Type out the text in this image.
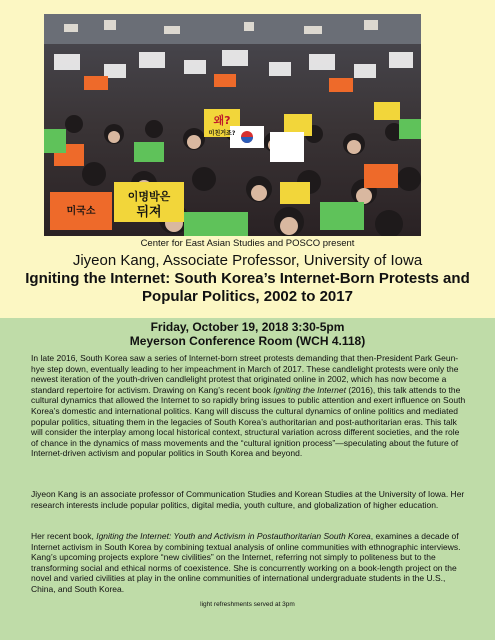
왜?
미친거죠?
이명박은
뒤져
미국소
Center for East Asian Studies and POSCO present
Jiyeon Kang, Associate Professor, University of Iowa
Igniting the Internet: South Korea’s Internet-Born Protests and Popular Politics, 2002 to 2017
Friday, October 19, 2018 3:30-5pm
Meyerson Conference Room (WCH 4.118)
In late 2016, South Korea saw a series of Internet-born street protests demanding that then-President Park Geun-hye step down, eventually leading to her impeachment in March of 2017. These candlelight protests were only the newest iteration of the youth-driven candlelight protest that originated online in 2002, which has now become a standard repertoire for activism. Drawing on Kang’s recent book Igniting the Internet (2016), this talk attends to the cultural dynamics that allowed the Internet to so rapidly bring issues to public attention and exert influence on South Korea’s domestic and international politics. Kang will discuss the cultural dynamics of online politics and mediated popular politics, situating them in the legacies of South Korea’s authoritarian and post-authoritarian eras. This talk will consider the interplay among local historical context, structural variation across different societies, and the role of chance in the dynamics of mass movements and the “cultural ignition process”—speculating about the future of Internet-driven activism and popular politics in South Korea and beyond.
Jiyeon Kang is an associate professor of Communication Studies and Korean Studies at the University of Iowa. Her research interests include popular politics, digital media, youth culture, and globalization of higher education.
Her recent book, Igniting the Internet: Youth and Activism in Postauthoritarian South Korea, examines a decade of Internet activism in South Korea by combining textual analysis of online communities with ethnographic interviews. Kang’s upcoming projects explore “new civilities” on the Internet, referring not simply to politeness but to the transforming social and ethical norms of coexistence. She is concurrently working on a book-length project on the novel and varied civilities at play in the online communities of international undergraduate students in the U.S., China, and South Korea.
light refreshments served at 3pm
